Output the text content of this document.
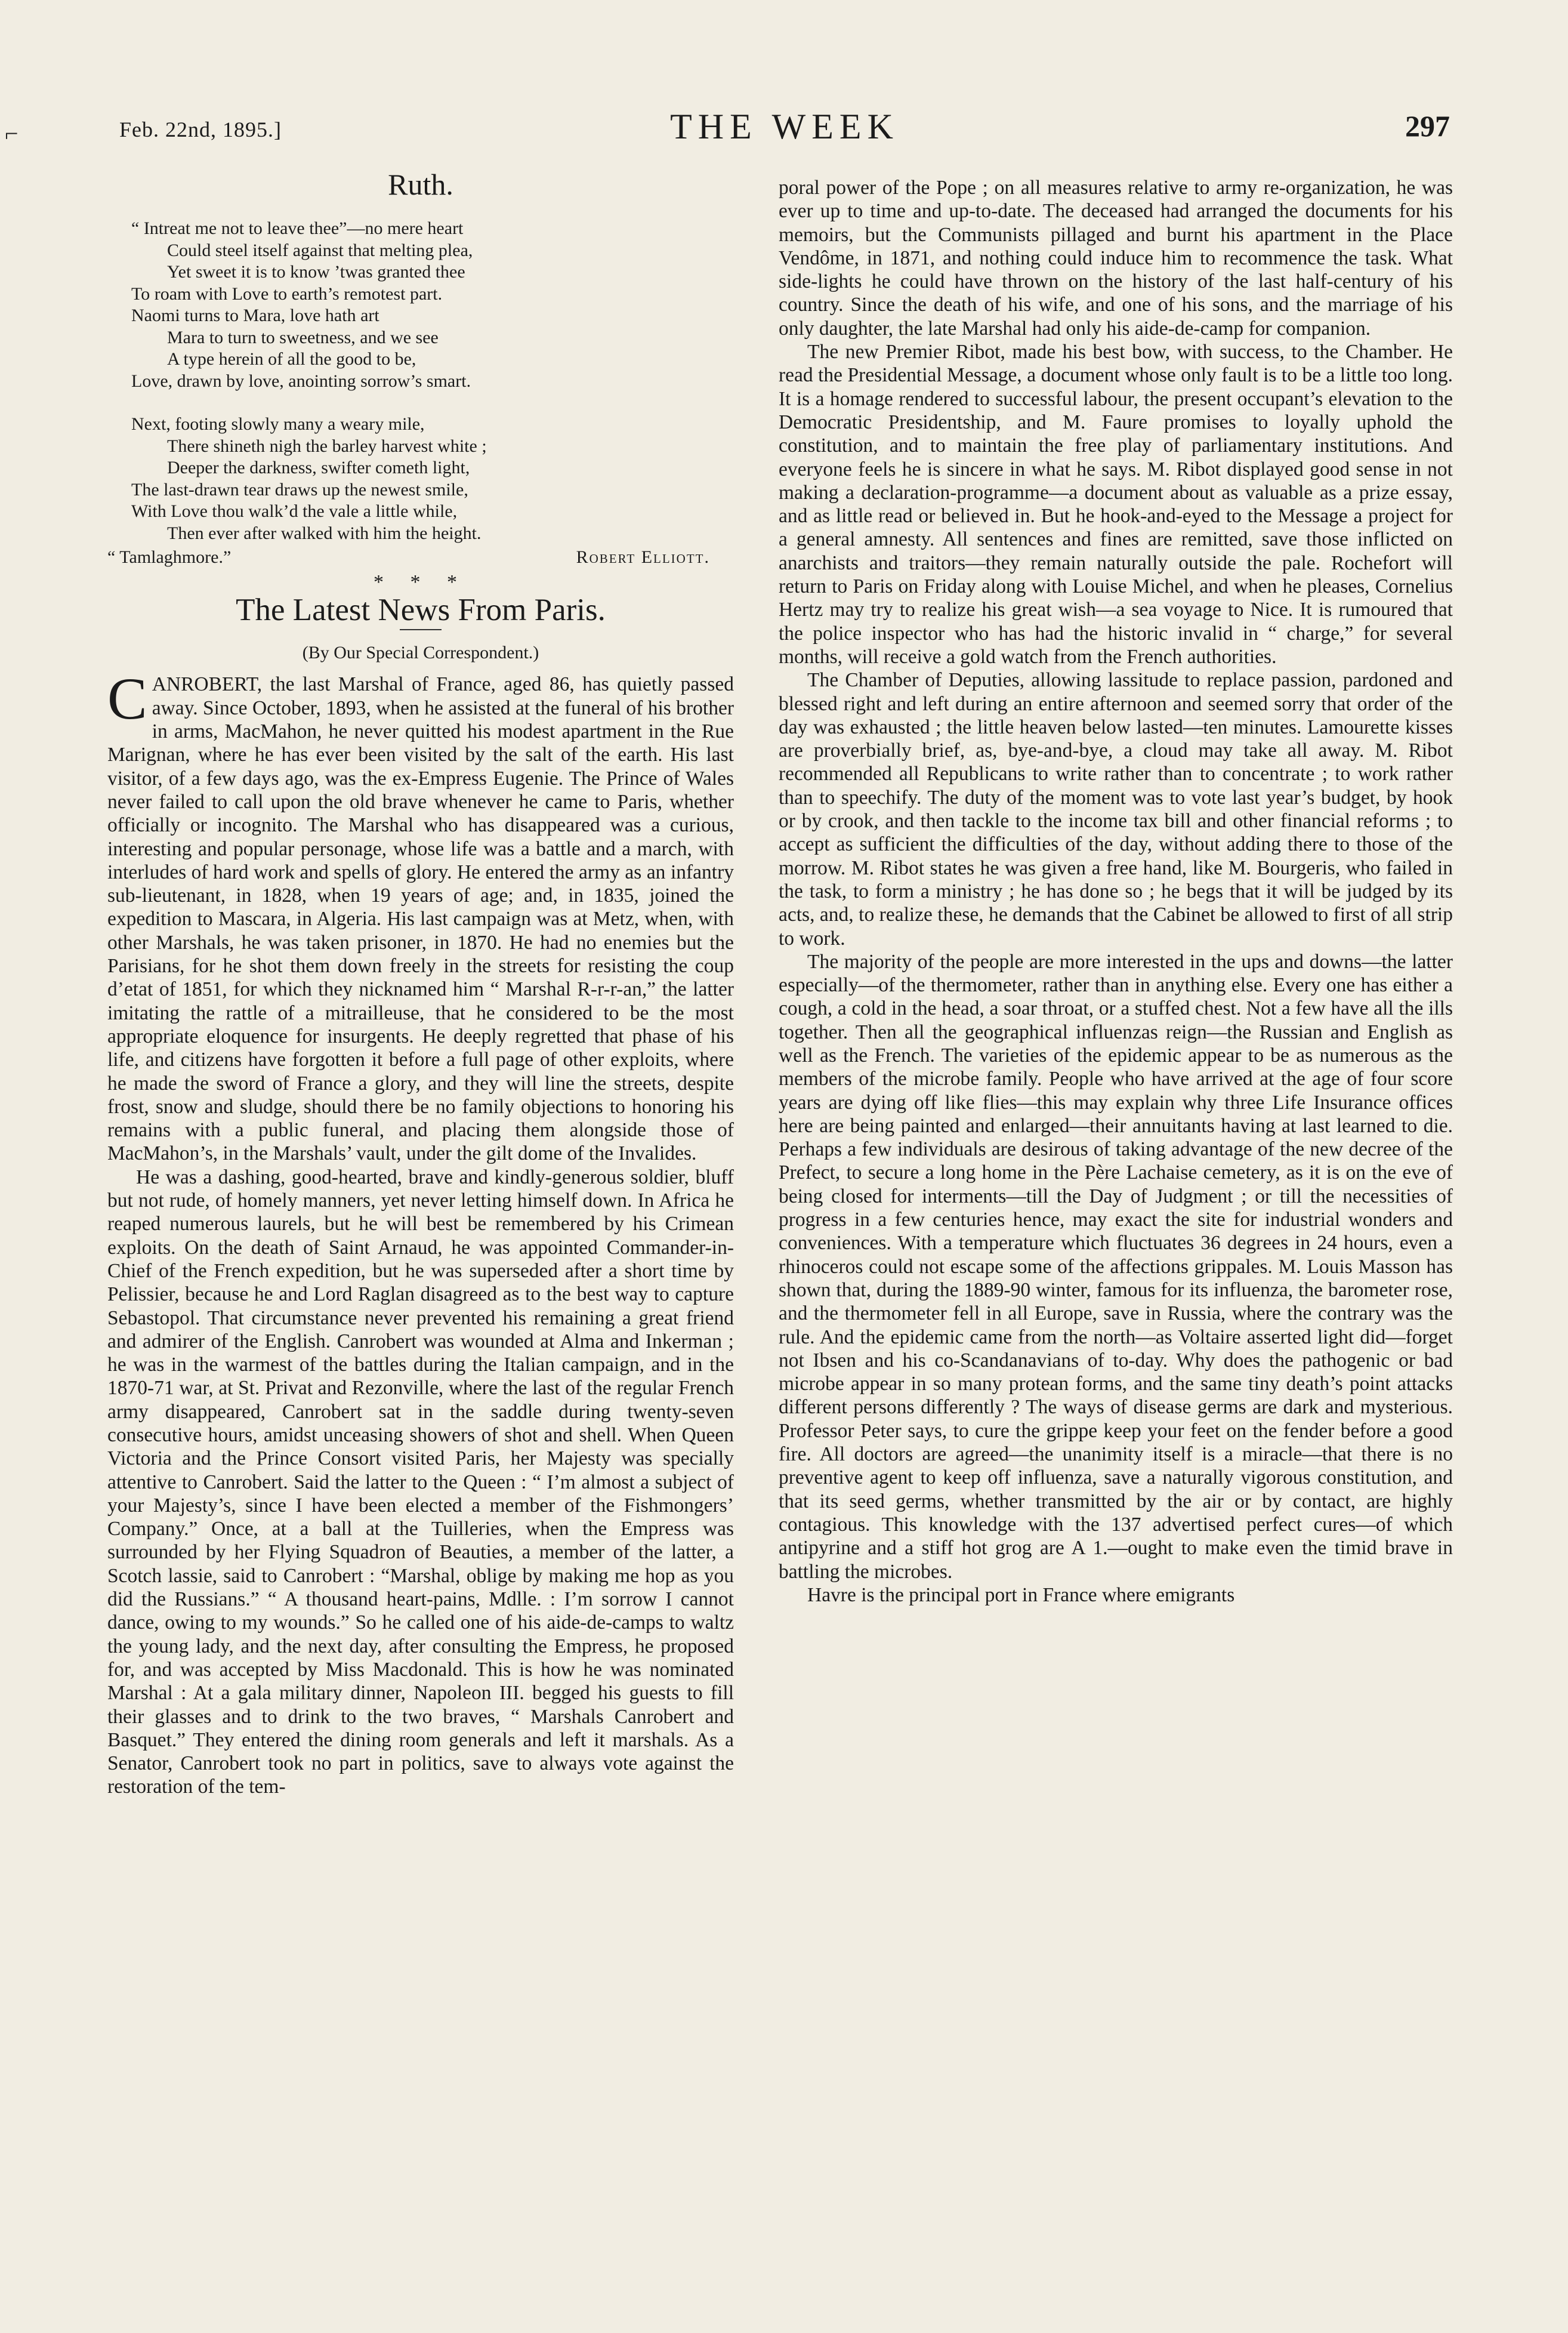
Feb. 22nd, 1895.]	THE WEEK	297
Ruth.
“ Intreat me not to leave thee”—no mere heart
Could steel itself against that melting plea,
Yet sweet it is to know ’twas granted thee
To roam with Love to earth’s remotest part.
Naomi turns to Mara, love hath art
Mara to turn to sweetness, and we see
A type herein of all the good to be,
Love, drawn by love, anointing sorrow’s smart.
Next, footing slowly many a weary mile,
There shineth nigh the barley harvest white ;
Deeper the darkness, swifter cometh light,
The last-drawn tear draws up the newest smile,
With Love thou walk’d the vale a little while,
Then ever after walked with him the height.
“ Tamlaghmore.”	Robert Elliott.
* * *
The Latest News From Paris.
(By Our Special Correspondent.)

CANROBERT, the last Marshal of France, aged 86, has quietly passed away. Since October, 1893, when he assisted at the funeral of his brother in arms, MacMahon, he never quitted his modest apartment in the Rue Marignan, where he has ever been visited by the salt of the earth. His last visitor, of a few days ago, was the ex-Empress Eugenie. The Prince of Wales never failed to call upon the old brave whenever he came to Paris, whether officially or incognito. The Marshal who has disappeared was a curious, interesting and popular personage, whose life was a battle and a march, with interludes of hard work and spells of glory. He entered the army as an infantry sub-lieutenant, in 1828, when 19 years of age; and, in 1835, joined the expedition to Mascara, in Algeria. His last campaign was at Metz, when, with other Marshals, he was taken prisoner, in 1870. He had no enemies but the Parisians, for he shot them down freely in the streets for resisting the coup d’etat of 1851, for which they nicknamed him “ Marshal R-r-r-an,” the latter imitating the rattle of a mitrailleuse, that he considered to be the most appropriate eloquence for insurgents. He deeply regretted that phase of his life, and citizens have forgotten it before a full page of other exploits, where he made the sword of France a glory, and they will line the streets, despite frost, snow and sludge, should there be no family objections to honoring his remains with a public funeral, and placing them alongside those of MacMahon’s, in the Marshals’ vault, under the gilt dome of the Invalides.

He was a dashing, good-hearted, brave and kindly-generous soldier, bluff but not rude, of homely manners, yet never letting himself down. In Africa he reaped numerous laurels, but he will best be remembered by his Crimean exploits. On the death of Saint Arnaud, he was appointed Commander-in-Chief of the French expedition, but he was superseded after a short time by Pelissier, because he and Lord Raglan disagreed as to the best way to capture Sebastopol. That circumstance never prevented his remaining a great friend and admirer of the English. Canrobert was wounded at Alma and Inkerman ; he was in the warmest of the battles during the Italian campaign, and in the 1870-71 war, at St. Privat and Rezonville, where the last of the regular French army disappeared, Canrobert sat in the saddle during twenty-seven consecutive hours, amidst unceasing showers of shot and shell. When Queen Victoria and the Prince Consort visited Paris, her Majesty was specially attentive to Canrobert. Said the latter to the Queen : “ I’m almost a subject of your Majesty’s, since I have been elected a member of the Fishmongers’ Company.” Once, at a ball at the Tuilleries, when the Empress was surrounded by her Flying Squadron of Beauties, a member of the latter, a Scotch lassie, said to Canrobert : “Marshal, oblige by making me hop as you did the Russians.” “ A thousand heart-pains, Mdlle. : I’m sorrow I cannot dance, owing to my wounds.” So he called one of his aide-de-camps to waltz the young lady, and the next day, after consulting the Empress, he proposed for, and was accepted by Miss Macdonald. This is how he was nominated Marshal : At a gala military dinner, Napoleon III. begged his guests to fill their glasses and to drink to the two braves, “ Marshals Canrobert and Basquet.” They entered the dining room generals and left it marshals. As a Senator, Canrobert took no part in politics, save to always vote against the restoration of the tem-

poral power of the Pope ; on all measures relative to army re-organization, he was ever up to time and up-to-date. The deceased had arranged the documents for his memoirs, but the Communists pillaged and burnt his apartment in the Place Vendôme, in 1871, and nothing could induce him to recommence the task. What side-lights he could have thrown on the history of the last half-century of his country. Since the death of his wife, and one of his sons, and the marriage of his only daughter, the late Marshal had only his aide-de-camp for companion.

The new Premier Ribot, made his best bow, with success, to the Chamber. He read the Presidential Message, a document whose only fault is to be a little too long. It is a homage rendered to successful labour, the present occupant’s elevation to the Democratic Presidentship, and M. Faure promises to loyally uphold the constitution, and to maintain the free play of parliamentary institutions. And everyone feels he is sincere in what he says. M. Ribot displayed good sense in not making a declaration-programme—a document about as valuable as a prize essay, and as little read or believed in. But he hook-and-eyed to the Message a project for a general amnesty. All sentences and fines are remitted, save those inflicted on anarchists and traitors—they remain naturally outside the pale. Rochefort will return to Paris on Friday along with Louise Michel, and when he pleases, Cornelius Hertz may try to realize his great wish—a sea voyage to Nice. It is rumoured that the police inspector who has had the historic invalid in “ charge,” for several months, will receive a gold watch from the French authorities.

The Chamber of Deputies, allowing lassitude to replace passion, pardoned and blessed right and left during an entire afternoon and seemed sorry that order of the day was exhausted ; the little heaven below lasted—ten minutes. Lamourette kisses are proverbially brief, as, bye-and-bye, a cloud may take all away. M. Ribot recommended all Republicans to write rather than to concentrate ; to work rather than to speechify. The duty of the moment was to vote last year’s budget, by hook or by crook, and then tackle to the income tax bill and other financial reforms ; to accept as sufficient the difficulties of the day, without adding there to those of the morrow. M. Ribot states he was given a free hand, like M. Bourgeris, who failed in the task, to form a ministry ; he has done so ; he begs that it will be judged by its acts, and, to realize these, he demands that the Cabinet be allowed to first of all strip to work.

The majority of the people are more interested in the ups and downs—the latter especially—of the thermometer, rather than in anything else. Every one has either a cough, a cold in the head, a soar throat, or a stuffed chest. Not a few have all the ills together. Then all the geographical influenzas reign—the Russian and English as well as the French. The varieties of the epidemic appear to be as numerous as the members of the microbe family. People who have arrived at the age of four score years are dying off like flies—this may explain why three Life Insurance offices here are being painted and enlarged—their annuitants having at last learned to die. Perhaps a few individuals are desirous of taking advantage of the new decree of the Prefect, to secure a long home in the Père Lachaise cemetery, as it is on the eve of being closed for interments—till the Day of Judgment ; or till the necessities of progress in a few centuries hence, may exact the site for industrial wonders and conveniences. With a temperature which fluctuates 36 degrees in 24 hours, even a rhinoceros could not escape some of the affections grippales. M. Louis Masson has shown that, during the 1889-90 winter, famous for its influenza, the barometer rose, and the thermometer fell in all Europe, save in Russia, where the contrary was the rule. And the epidemic came from the north—as Voltaire asserted light did—forget not Ibsen and his co-Scandanavians of to-day. Why does the pathogenic or bad microbe appear in so many protean forms, and the same tiny death’s point attacks different persons differently ? The ways of disease germs are dark and mysterious. Professor Peter says, to cure the grippe keep your feet on the fender before a good fire. All doctors are agreed—the unanimity itself is a miracle—that there is no preventive agent to keep off influenza, save a naturally vigorous constitution, and that its seed germs, whether transmitted by the air or by contact, are highly contagious. This knowledge with the 137 advertised perfect cures—of which antipyrine and a stiff hot grog are A 1.—ought to make even the timid brave in battling the microbes.

Havre is the principal port in France where emigrants

⌐
